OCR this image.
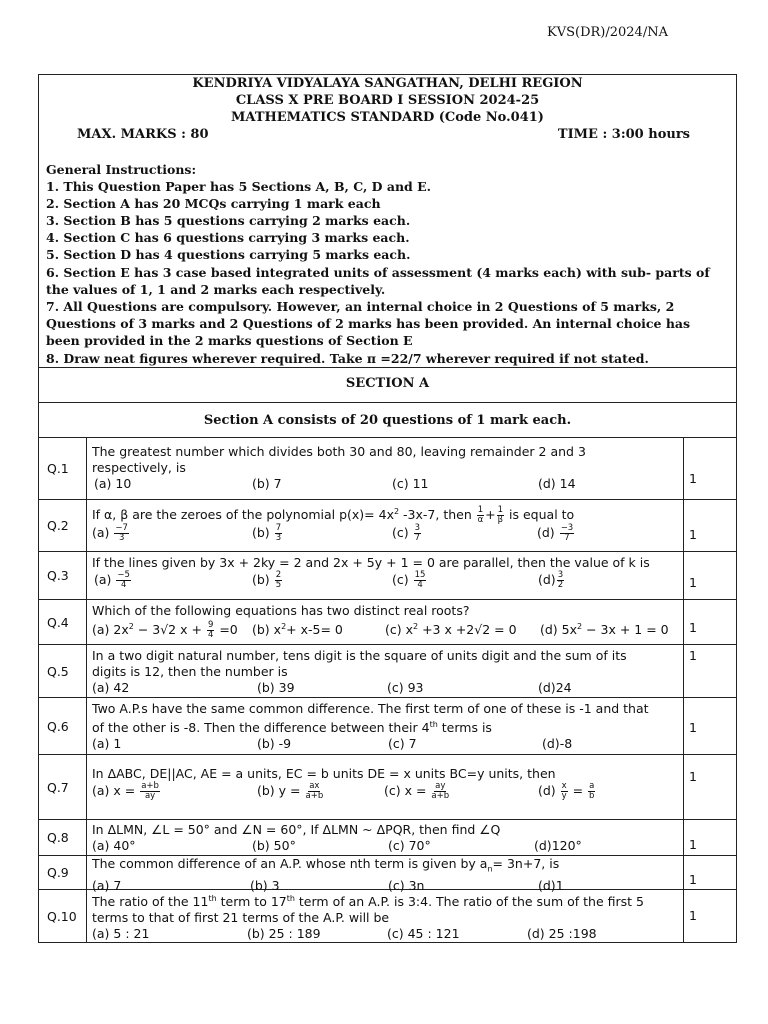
KVS(DR)/2024/NA
KENDRIYA VIDYALAYA SANGATHAN, DELHI REGION
CLASS X PRE BOARD I SESSION 2024-25
MATHEMATICS STANDARD (Code No.041)
MAX. MARKS : 80	TIME : 3:00 hours
General Instructions:
1. This Question Paper has 5 Sections A, B, C, D and E.
2. Section A has 20 MCQs carrying 1 mark each
3. Section B has 5 questions carrying 2 marks each.
4. Section C has 6 questions carrying 3 marks each.
5. Section D has 4 questions carrying 5 marks each.
6. Section E has 3 case based integrated units of assessment (4 marks each) with sub- parts of
the values of 1, 1 and 2 marks each respectively.
7. All Questions are compulsory. However, an internal choice in 2 Questions of 5 marks, 2
Questions of 3 marks and 2 Questions of 2 marks has been provided. An internal choice has
been provided in the 2 marks questions of Section E
8. Draw neat figures wherever required. Take π =22/7 wherever required if not stated.
SECTION A
Section A consists of 20 questions of 1 mark each.
Q.1
The greatest number which divides both 30 and 80, leaving remainder 2 and 3
respectively, is
(a) 10	(b) 7	(c) 11	(d) 14	1
Q.2
If α, β are the zeroes of the polynomial $p(x)= 4x^2$ -3x-7, then $\frac{1}{\alpha} + \frac{1}{\beta}$ is equal to
$(a) \frac{-7}{3}$	$(b) \frac{7}{3}$	$(c) \frac{3}{7}$	$(d) \frac{-3}{7}$	1
Q.3
If the lines given by 3x + 2ky = 2 and 2x + 5y + 1 = 0 are parallel, then the value of k is
$(a) \frac{-5}{4}$	$(b) \frac{2}{5}$	$(c) \frac{15}{4}$	$(d) \frac{3}{2}$	1
Q.4
Which of the following equations has two distinct real roots?
(a) $2x^2 - 3√2$ $x + \frac{9}{4} =0$ (b) $x^2+ x-5= 0$	(c) $x^2 +3$ x +2√2 = 0 (d) $5x^2 - 3x + 1 = 0$ 1
Q.5
In a two digit natural number, tens digit is the square of units digit and the sum of its
digits is 12, then the number is
(a) 42	(b) 39	(c) 93	(d)24
1
Q.6
Two A.P.s have the same common difference. The first term of one of these is -1 and that
of the other is -8. Then the difference between their 4th terms is
(a) 1	(b) -9	(c) 7	(d)-8
1
Q.7
In ΔABC, DE||AC, AE = a units, EC = b units DE = x units BC=y units, then
(a) $x = \frac{a+b}{ay}$	(b) $y = \frac{ax}{a+b}$	(c) $x = \frac{ay}{a+b}$	$(d) \frac{x}{y} = \frac{a}{b}$
1
Q.8
In ΔLMN, ∠L = 50° and ∠N = 60°, If ΔLMN ~ ΔPQR, then find ∠Q
(a) 40°	(b) 50°	(c) 70°	(d)120°	1
Q.9
The common difference of an A.P. whose nth term is given by $a_n= 3n+7$, is
(a) 7	(b) 3	(c) 3n	(d)1	1
Q.10
The ratio of the 11th term to 17th term of an A.P. is 3:4. The ratio of the sum of the first 5
terms to that of first 21 terms of the A.P. will be
(a) 5 : 21	(b) 25 : 189	(c) 45 : 121	(d) 25 :198
1
